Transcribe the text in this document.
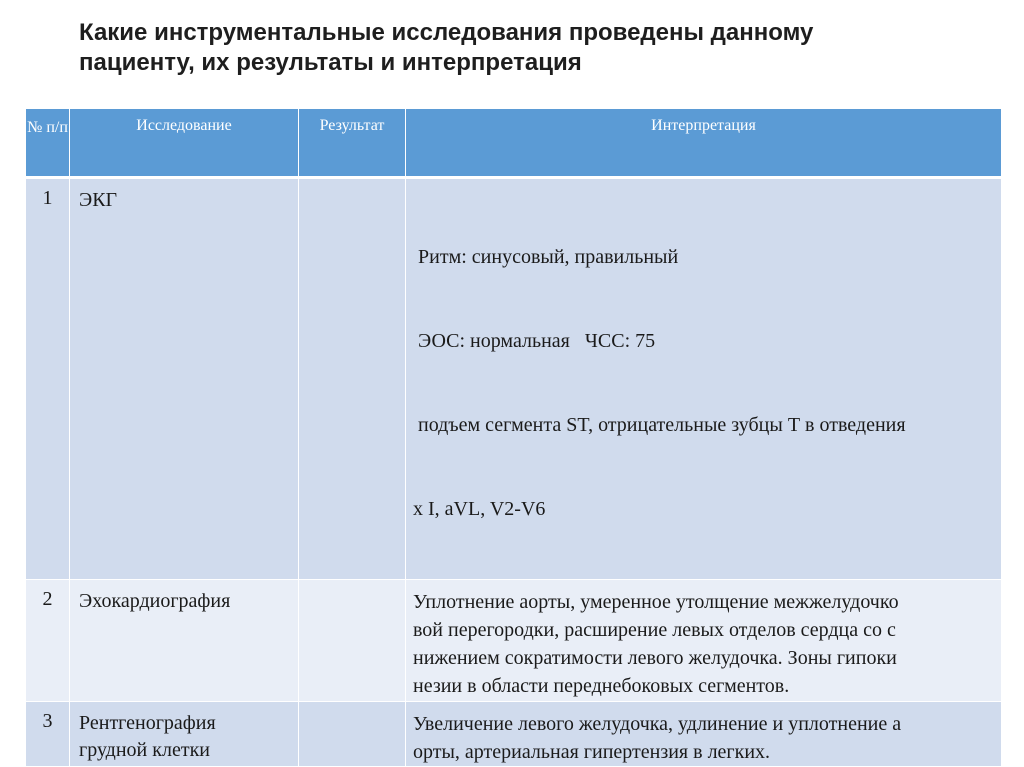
Какие инструментальные исследования проведены данному
пациенту, их результаты и интерпретация
№ п/п	Исследование	Результат	Интерпретация
1	ЭКГ		Ритм: синусовый, правильный

ЭОС: нормальная   ЧСС: 75

подъем сегмента ST, отрицательные зубцы Т в отведения

х I, aVL, V2-V6

2	Эхокардиография		Уплотнение аорты, умеренное утолщение межжелудочко
вой перегородки, расширение левых отделов сердца со с
нижением сократимости левого желудочка. Зоны гипоки
незии в области переднебоковых сегментов.

3	Рентгенография
грудной клетки		Увеличение левого желудочка, удлинение и уплотнение а
орты, артериальная гипертензия в легких.
